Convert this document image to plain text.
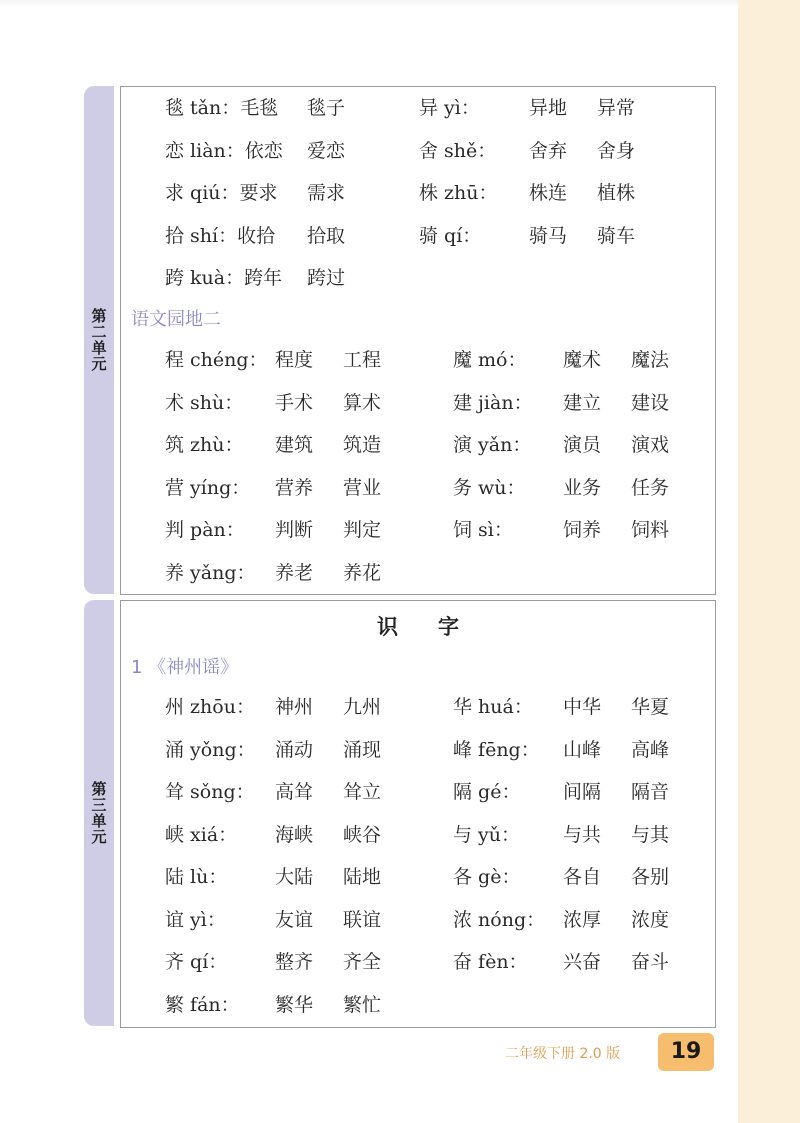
第二单元
毯 tǎn：毛毯 毯子	异 yì：	异地 异常
恋 liàn：依恋 爱恋	舍 shě： 舍弃 舍身
求 qiú：要求 需求	株 zhū： 株连 植株
拾 shí：收拾 拾取	骑 qí：	骑马 骑车
跨 kuà：跨年 跨过
语文园地二
程 chéng： 程度 工程	魔 mó： 魔术 魔法
术 shù： 手术 算术	建 jiàn： 建立 建设
筑 zhù： 建筑 筑造	演 yǎn： 演员 演戏
营 yíng： 营养 营业	务 wù： 业务 任务
判 pàn： 判断 判定	饲 sì：	饲养 饲料
养 yǎng： 养老 养花
第三单元
识字
1 《神州谣》
州 zhōu： 神州 九州	华 huá： 中华 华夏
涌 yǒng： 涌动 涌现	峰 fēng： 山峰 高峰
耸 sǒng： 高耸 耸立	隔 gé： 间隔 隔音
峡 xiá： 海峡 峡谷	与 yǔ： 与共 与其
陆 lù：	大陆 陆地	各 gè： 各自 各别
谊 yì：	友谊 联谊	浓 nóng： 浓厚 浓度
齐 qí：	整齐 齐全	奋 fèn： 兴奋 奋斗
繁 fán： 繁华 繁忙
二年级下册 2.0 版	19
